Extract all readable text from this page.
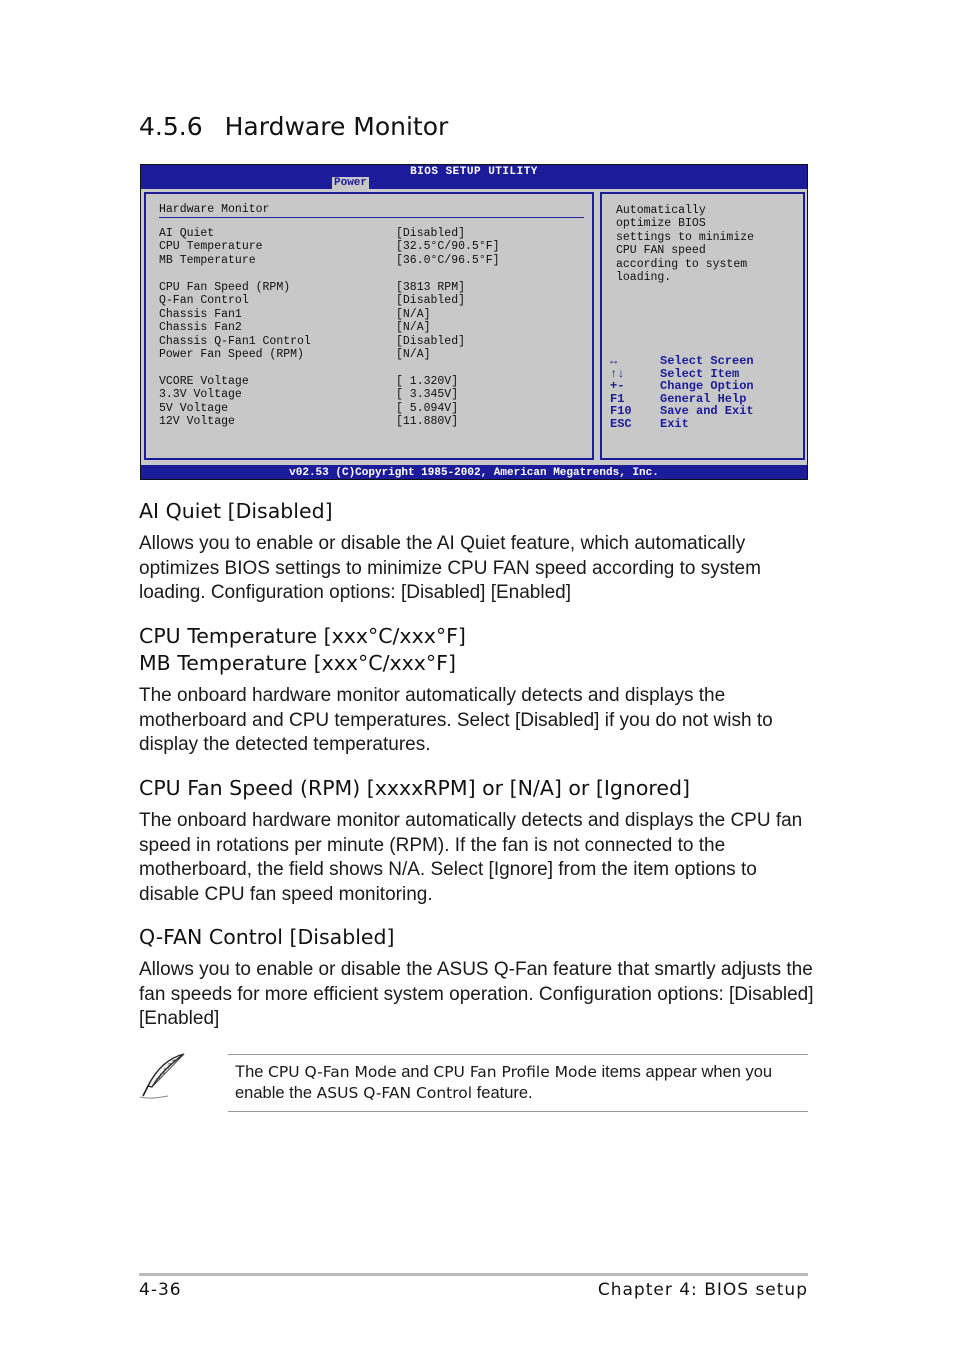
4.5.6 Hardware Monitor
BIOS SETUP UTILITY
Power
Hardware Monitor
AI Quiet	[Disabled]
CPU Temperature	[32.5°C/90.5°F]
MB Temperature	[36.0°C/96.5°F]
CPU Fan Speed (RPM)	[3813 RPM]
Q-Fan Control	[Disabled]
Chassis Fan1	[N/A]
Chassis Fan2	[N/A]
Chassis Q-Fan1 Control	[Disabled]
Power Fan Speed (RPM)	[N/A]
VCORE Voltage	[ 1.320V]
3.3V Voltage	[ 3.345V]
5V Voltage	[ 5.094V]
12V Voltage	[11.880V]
Automatically
optimize BIOS
settings to minimize
CPU FAN speed
according to system
loading.
↔	Select Screen
↑↓	Select Item
+-	Change Option
F1	General Help
F10 Save and Exit
ESC Exit
v02.53 (C)Copyright 1985-2002, American Megatrends, Inc.
AI Quiet [Disabled]

Allows you to enable or disable the AI Quiet feature, which automatically optimizes BIOS settings to minimize CPU FAN speed according to system loading. Configuration options: [Disabled] [Enabled]

CPU Temperature [xxx°C/xxx°F]
MB Temperature [xxx°C/xxx°F]

The onboard hardware monitor automatically detects and displays the motherboard and CPU temperatures. Select [Disabled] if you do not wish to display the detected temperatures.

CPU Fan Speed (RPM) [xxxxRPM] or [N/A] or [Ignored]

The onboard hardware monitor automatically detects and displays the CPU fan speed in rotations per minute (RPM). If the fan is not connected to the motherboard, the field shows N/A. Select [Ignore] from the item options to disable CPU fan speed monitoring.

Q-FAN Control [Disabled]

Allows you to enable or disable the ASUS Q-Fan feature that smartly adjusts the fan speeds for more efficient system operation. Configuration options: [Disabled] [Enabled]

The CPU Q-Fan Mode and CPU Fan Profile Mode items appear when you enable the ASUS Q-FAN Control feature.
4-36	Chapter 4: BIOS setup
